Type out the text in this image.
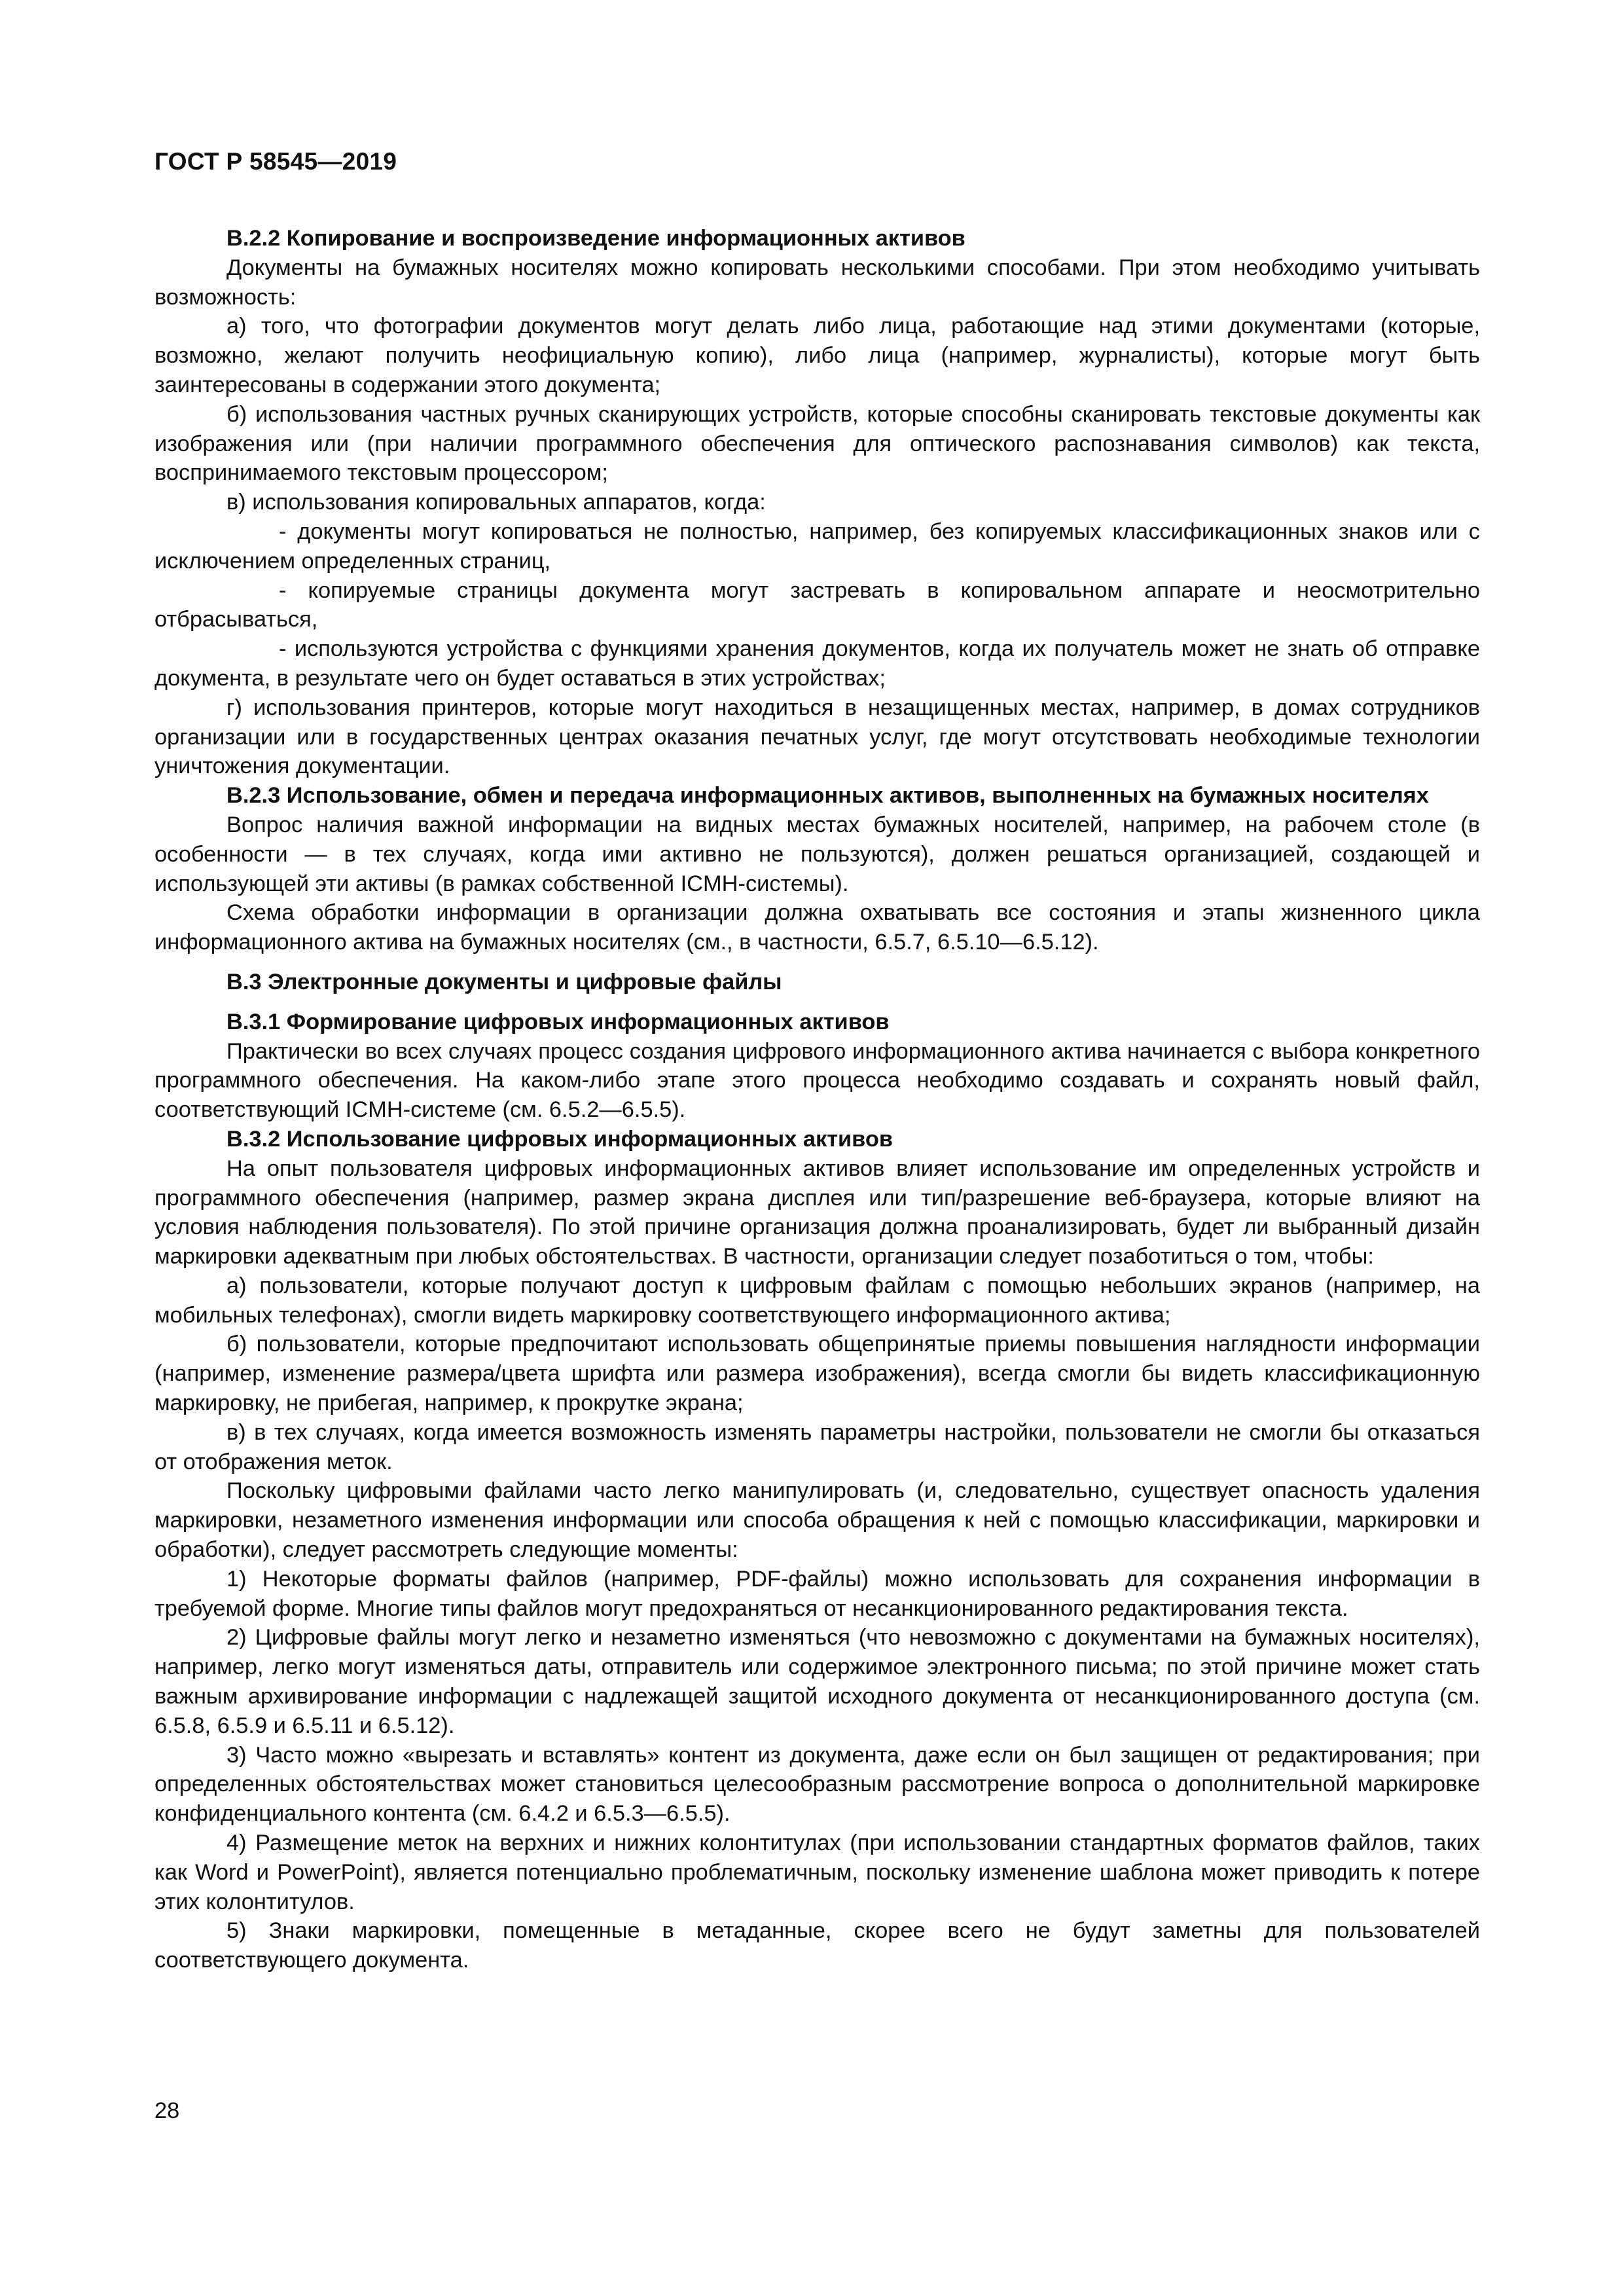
ГОСТ Р 58545—2019
В.2.2 Копирование и воспроизведение информационных активов

Документы на бумажных носителях можно копировать несколькими способами. При этом необходимо учитывать возможность:

а) того, что фотографии документов могут делать либо лица, работающие над этими документами (которые, возможно, желают получить неофициальную копию), либо лица (например, журналисты), которые могут быть заинтересованы в содержании этого документа;

б) использования частных ручных сканирующих устройств, которые способны сканировать текстовые документы как изображения или (при наличии программного обеспечения для оптического распознавания символов) как текста, воспринимаемого текстовым процессором;

в) использования копировальных аппаратов, когда:

- документы могут копироваться не полностью, например, без копируемых классификационных знаков или с исключением определенных страниц,

- копируемые страницы документа могут застревать в копировальном аппарате и неосмотрительно отбрасываться,

- используются устройства с функциями хранения документов, когда их получатель может не знать об отправке документа, в результате чего он будет оставаться в этих устройствах;

г) использования принтеров, которые могут находиться в незащищенных местах, например, в домах сотрудников организации или в государственных центрах оказания печатных услуг, где могут отсутствовать необходимые технологии уничтожения документации.

В.2.3 Использование, обмен и передача информационных активов, выполненных на бумажных носителях

Вопрос наличия важной информации на видных местах бумажных носителей, например, на рабочем столе (в особенности — в тех случаях, когда ими активно не пользуются), должен решаться организацией, создающей и использующей эти активы (в рамках собственной ICMH-системы).

Схема обработки информации в организации должна охватывать все состояния и этапы жизненного цикла информационного актива на бумажных носителях (см., в частности, 6.5.7, 6.5.10—6.5.12).

В.3 Электронные документы и цифровые файлы
В.3.1 Формирование цифровых информационных активов

Практически во всех случаях процесс создания цифрового информационного актива начинается с выбора конкретного программного обеспечения. На каком-либо этапе этого процесса необходимо создавать и сохранять новый файл, соответствующий ICMH-системе (см. 6.5.2—6.5.5).

В.3.2 Использование цифровых информационных активов

На опыт пользователя цифровых информационных активов влияет использование им определенных устройств и программного обеспечения (например, размер экрана дисплея или тип/разрешение веб-браузера, которые влияют на условия наблюдения пользователя). По этой причине организация должна проанализировать, будет ли выбранный дизайн маркировки адекватным при любых обстоятельствах. В частности, организации следует позаботиться о том, чтобы:

а) пользователи, которые получают доступ к цифровым файлам с помощью небольших экранов (например, на мобильных телефонах), смогли видеть маркировку соответствующего информационного актива;

б) пользователи, которые предпочитают использовать общепринятые приемы повышения наглядности информации (например, изменение размера/цвета шрифта или размера изображения), всегда смогли бы видеть классификационную маркировку, не прибегая, например, к прокрутке экрана;

в) в тех случаях, когда имеется возможность изменять параметры настройки, пользователи не смогли бы отказаться от отображения меток.

Поскольку цифровыми файлами часто легко манипулировать (и, следовательно, существует опасность удаления маркировки, незаметного изменения информации или способа обращения к ней с помощью классификации, маркировки и обработки), следует рассмотреть следующие моменты:

1) Некоторые форматы файлов (например, PDF-файлы) можно использовать для сохранения информации в требуемой форме. Многие типы файлов могут предохраняться от несанкционированного редактирования текста.

2) Цифровые файлы могут легко и незаметно изменяться (что невозможно с документами на бумажных носителях), например, легко могут изменяться даты, отправитель или содержимое электронного письма; по этой причине может стать важным архивирование информации с надлежащей защитой исходного документа от несанкционированного доступа (см. 6.5.8, 6.5.9 и 6.5.11 и 6.5.12).

3) Часто можно «вырезать и вставлять» контент из документа, даже если он был защищен от редактирования; при определенных обстоятельствах может становиться целесообразным рассмотрение вопроса о дополнительной маркировке конфиденциального контента (см. 6.4.2 и 6.5.3—6.5.5).

4) Размещение меток на верхних и нижних колонтитулах (при использовании стандартных форматов файлов, таких как Word и PowerPoint), является потенциально проблематичным, поскольку изменение шаблона может приводить к потере этих колонтитулов.

5) Знаки маркировки, помещенные в метаданные, скорее всего не будут заметны для пользователей соответствующего документа.

28
